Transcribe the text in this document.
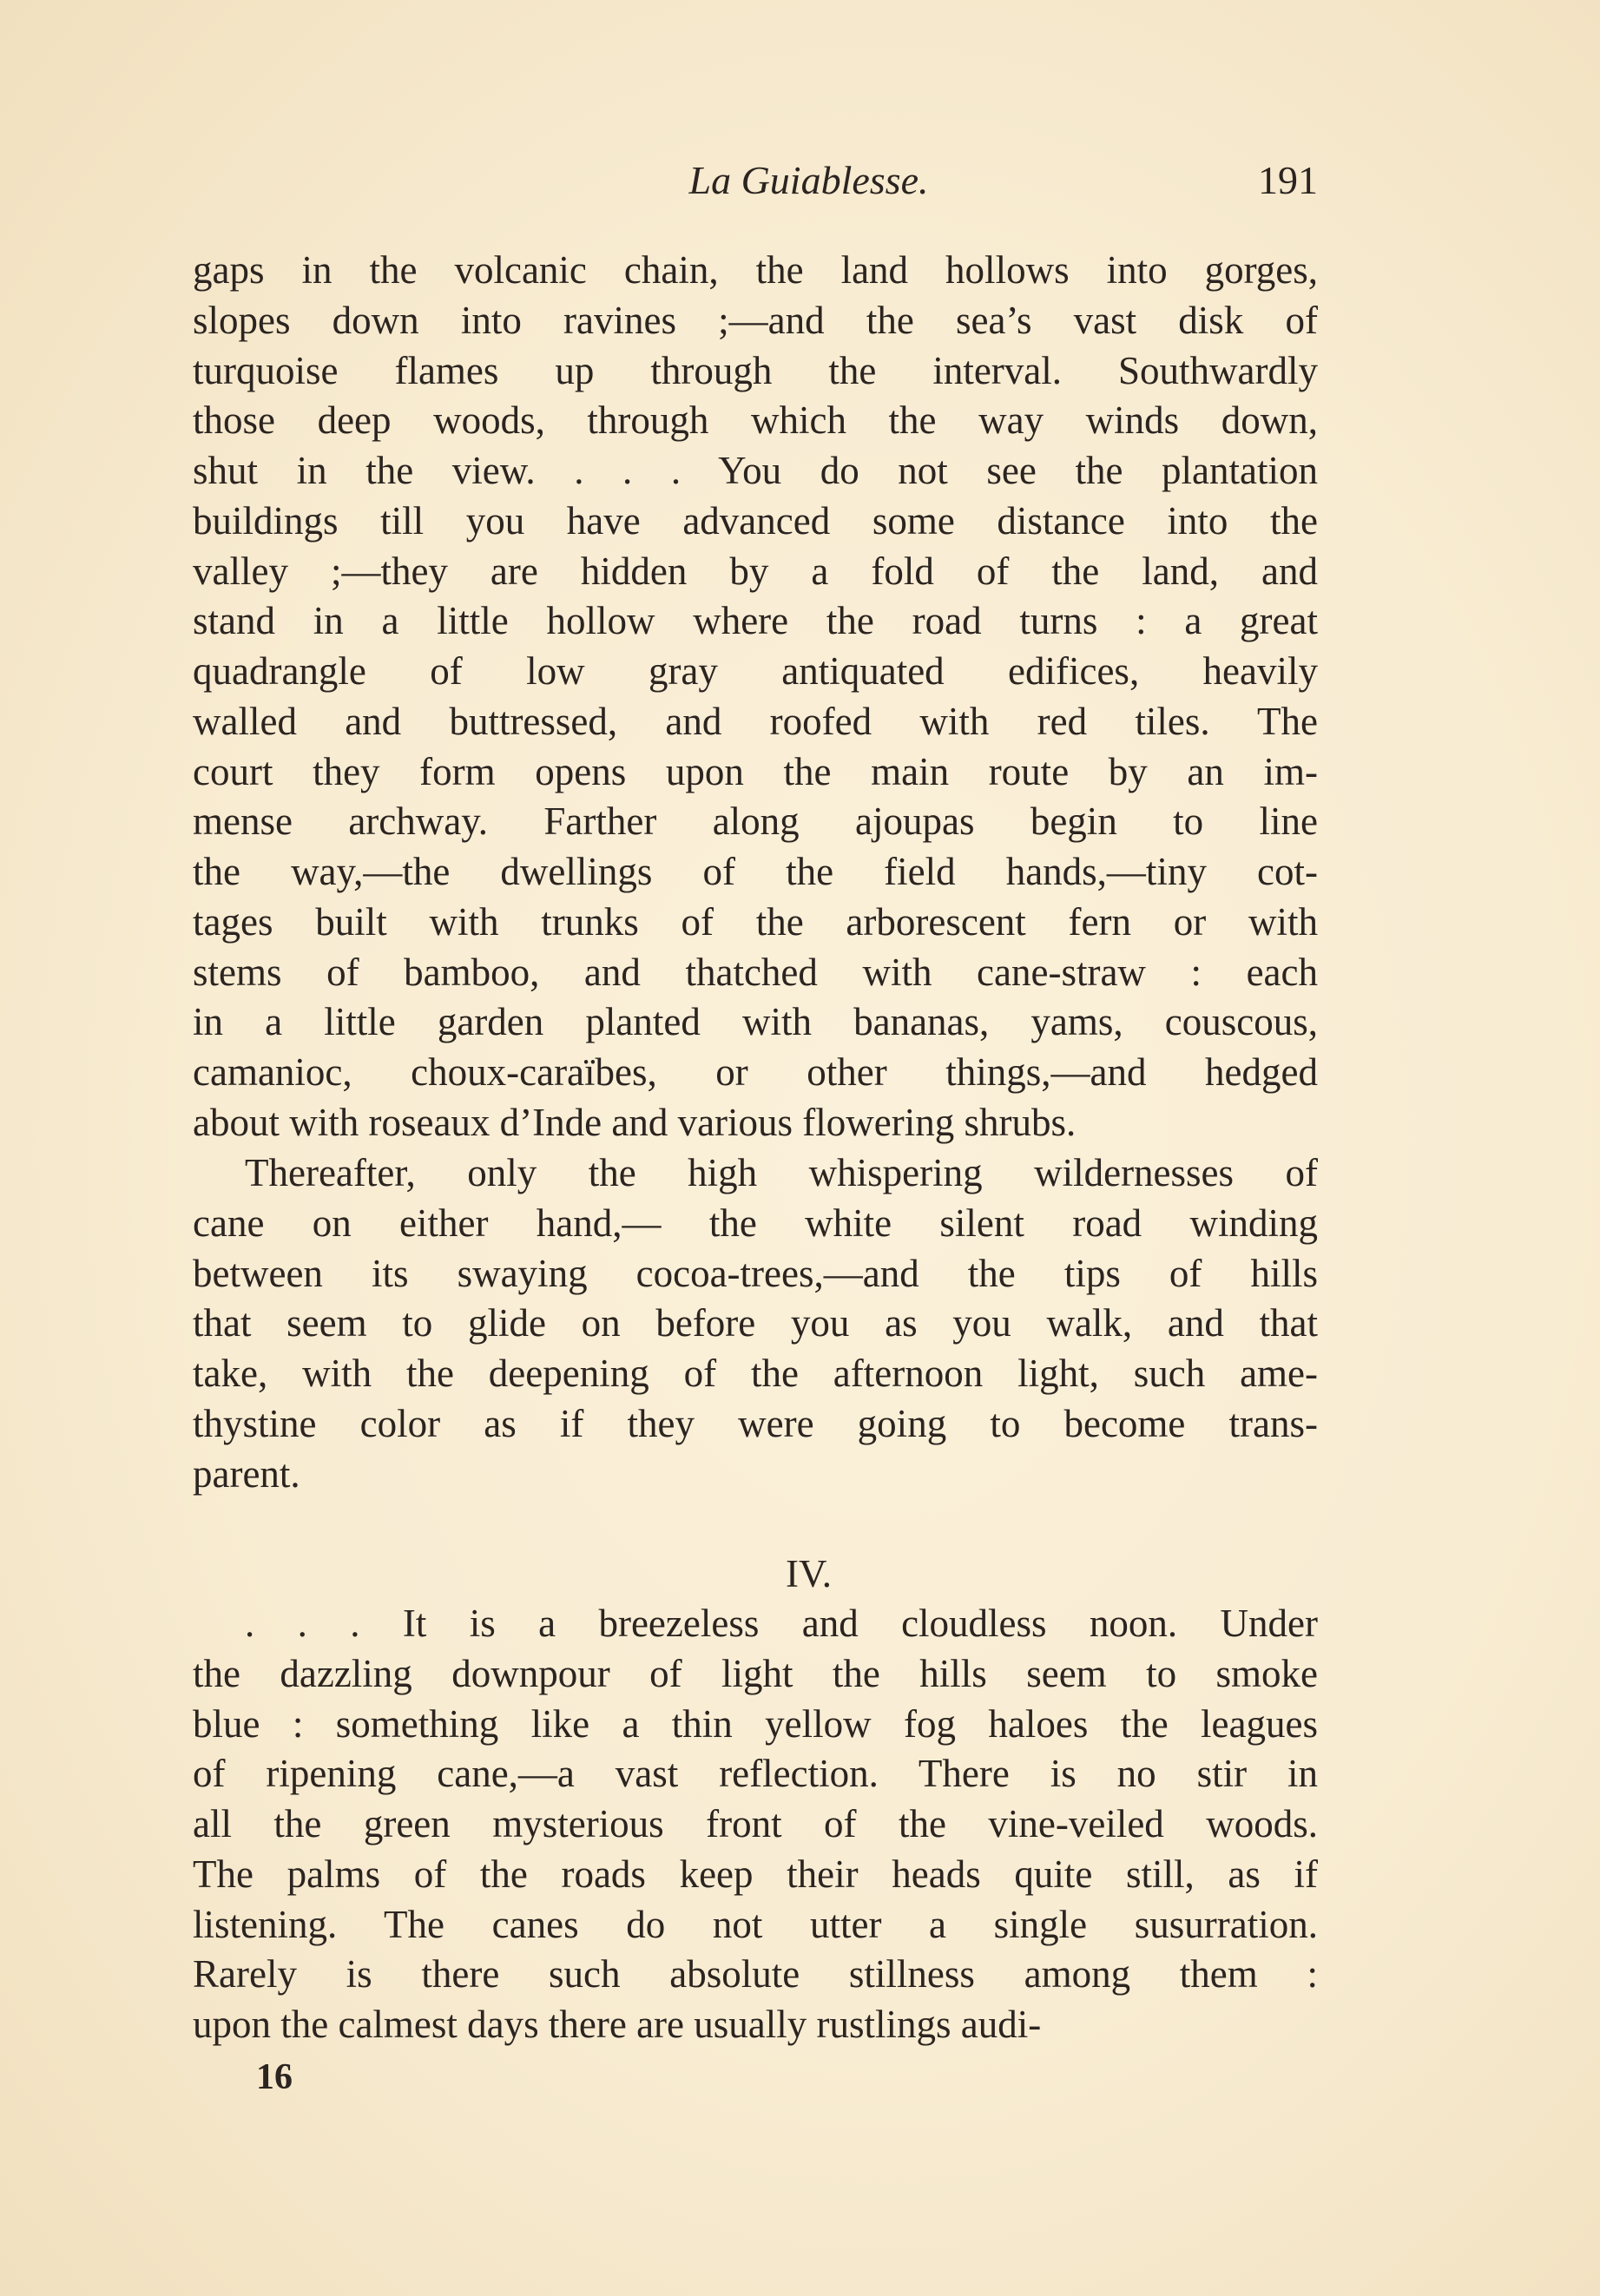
La Guiablesse.	191
gaps in the volcanic chain, the land hollows into gorges,
slopes down into ravines ;—and the sea’s vast disk of
turquoise flames up through the interval. Southwardly
those deep woods, through which the way winds down,
shut in the view. . . . You do not see the plantation
buildings till you have advanced some distance into the
valley ;—they are hidden by a fold of the land, and
stand in a little hollow where the road turns : a great
quadrangle of low gray antiquated edifices, heavily
walled and buttressed, and roofed with red tiles. The
court they form opens upon the main route by an im-
mense archway. Farther along ajoupas begin to line
the way,—the dwellings of the field hands,—tiny cot-
tages built with trunks of the arborescent fern or with
stems of bamboo, and thatched with cane-straw : each
in a little garden planted with bananas, yams, couscous,
camanioc, choux-caraïbes, or other things,—and hedged
about with roseaux d’Inde and various flowering shrubs.
Thereafter, only the high whispering wildernesses of
cane on either hand,— the white silent road winding
between its swaying cocoa-trees,—and the tips of hills
that seem to glide on before you as you walk, and that
take, with the deepening of the afternoon light, such ame-
thystine color as if they were going to become trans-
parent.
IV.
. . . It is a breezeless and cloudless noon. Under
the dazzling downpour of light the hills seem to smoke
blue : something like a thin yellow fog haloes the leagues
of ripening cane,—a vast reflection. There is no stir in
all the green mysterious front of the vine-veiled woods.
The palms of the roads keep their heads quite still, as if
listening. The canes do not utter a single susurration.
Rarely is there such absolute stillness among them :
upon the calmest days there are usually rustlings audi-
16
